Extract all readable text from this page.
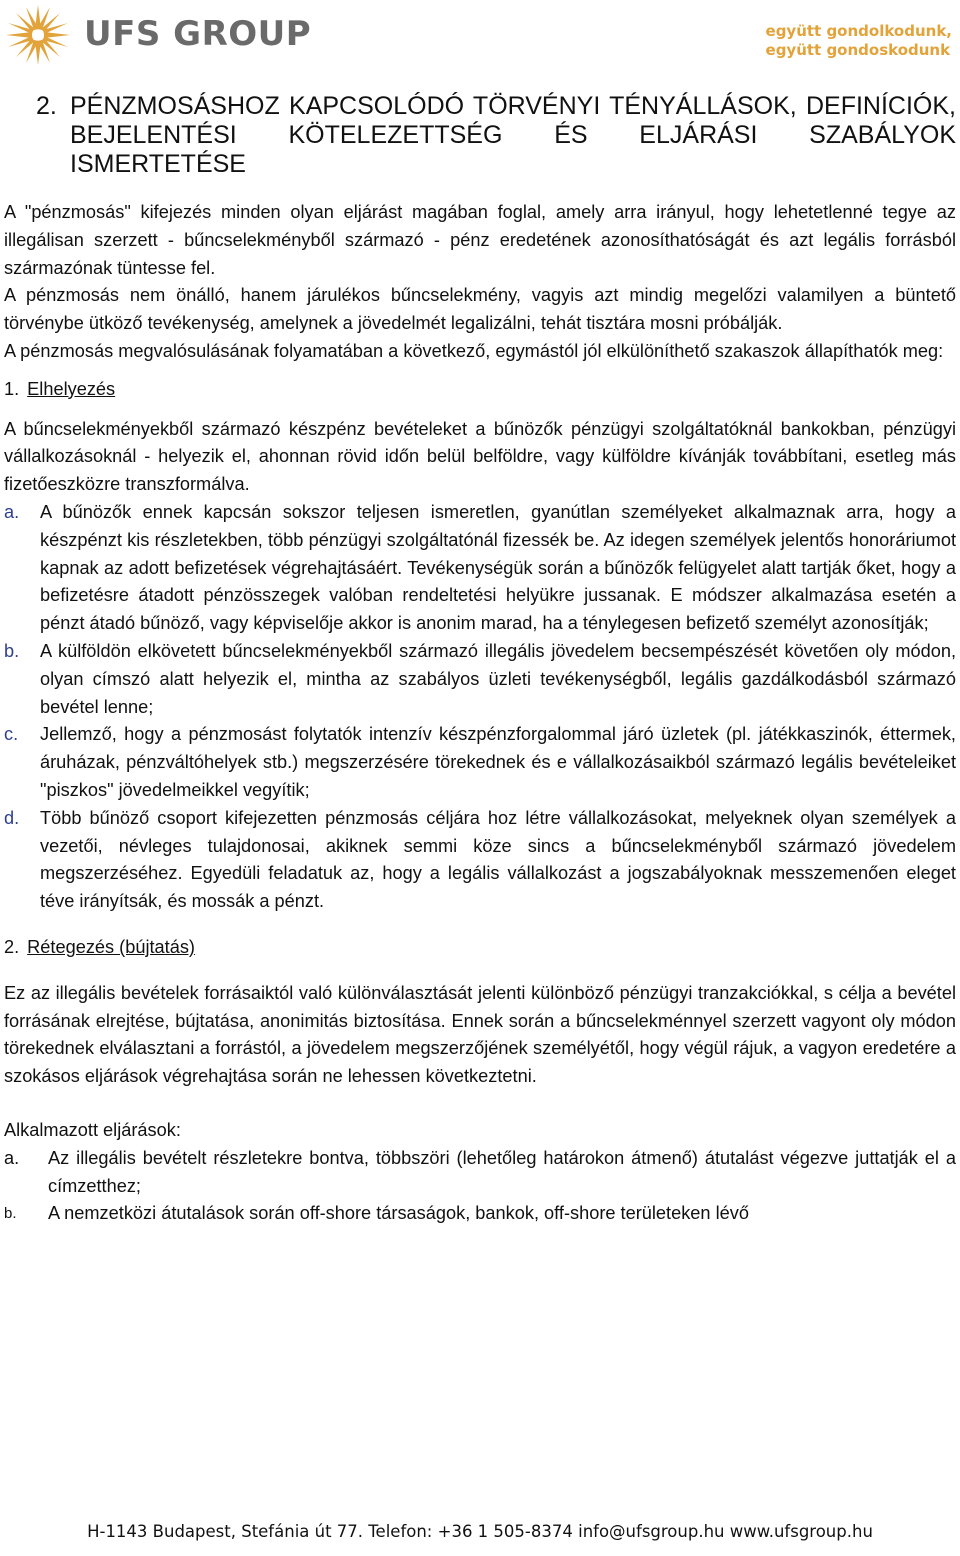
UFS GROUP	együtt gondolkodunk,
együtt gondoskodunk
2. PÉNZMOSÁSHOZ KAPCSOLÓDÓ TÖRVÉNYI TÉNYÁLLÁSOK, DEFINÍCIÓK, BEJELENTÉSI KÖTELEZETTSÉG ÉS ELJÁRÁSI SZABÁLYOK ISMERTETÉSE

A "pénzmosás" kifejezés minden olyan eljárást magában foglal, amely arra irányul, hogy lehetetlenné tegye az illegálisan szerzett - bűncselekményből származó - pénz eredetének azonosíthatóságát és azt legális forrásból származónak tüntesse fel.

A pénzmosás nem önálló, hanem járulékos bűncselekmény, vagyis azt mindig megelőzi valamilyen a büntető törvénybe ütköző tevékenység, amelynek a jövedelmét legalizálni, tehát tisztára mosni próbálják.

A pénzmosás megvalósulásának folyamatában a következő, egymástól jól elkülöníthető szakaszok állapíthatók meg:

1. Elhelyezés

A bűncselekményekből származó készpénz bevételeket a bűnözők pénzügyi szolgáltatóknál bankokban, pénzügyi vállalkozásoknál - helyezik el, ahonnan rövid időn belül belföldre, vagy külföldre kívánják továbbítani, esetleg más fizetőeszközre transzformálva.

a.	A bűnözők ennek kapcsán sokszor teljesen ismeretlen, gyanútlan személyeket alkalmaznak arra, hogy a készpénzt kis részletekben, több pénzügyi szolgáltatónál fizessék be. Az idegen személyek jelentős honoráriumot kapnak az adott befizetések végrehajtásáért. Tevékenységük során a bűnözők felügyelet alatt tartják őket, hogy a befizetésre átadott pénzösszegek valóban rendeltetési helyükre jussanak. E módszer alkalmazása esetén a pénzt átadó bűnöző, vagy képviselője akkor is anonim marad, ha a ténylegesen befizető személyt azonosítják;
b.	A külföldön elkövetett bűncselekményekből származó illegális jövedelem becsempészését követően oly módon, olyan címszó alatt helyezik el, mintha az szabályos üzleti tevékenységből, legális gazdálkodásból származó bevétel lenne;
c.	Jellemző, hogy a pénzmosást folytatók intenzív készpénzforgalommal járó üzletek (pl. játékkaszinók, éttermek, áruházak, pénzváltóhelyek stb.) megszerzésére törekednek és e vállalkozásaikból származó legális bevételeiket "piszkos" jövedelmeikkel vegyítik;
d.	Több bűnöző csoport kifejezetten pénzmosás céljára hoz létre vállalkozásokat, melyeknek olyan személyek a vezetői, névleges tulajdonosai, akiknek semmi köze sincs a bűncselekményből származó jövedelem megszerzéséhez. Egyedüli feladatuk az, hogy a legális vállalkozást a jogszabályoknak messzemenően eleget téve irányítsák, és mossák a pénzt.
2. Rétegezés (bújtatás)

Ez az illegális bevételek forrásaiktól való különválasztását jelenti különböző pénzügyi tranzakciókkal, s célja a bevétel forrásának elrejtése, bújtatása, anonimitás biztosítása. Ennek során a bűncselekménnyel szerzett vagyont oly módon törekednek elválasztani a forrástól, a jövedelem megszerzőjének személyétől, hogy végül rájuk, a vagyon eredetére a szokásos eljárások végrehajtása során ne lehessen következtetni.

Alkalmazott eljárások:

a.	Az illegális bevételt részletekre bontva, többszöri (lehetőleg határokon átmenő) átutalást végezve juttatják el a címzetthez;
b.	A nemzetközi átutalások során off-shore társaságok, bankok, off-shore területeken lévő
H-1143 Budapest, Stefánia út 77. Telefon: +36 1 505-8374 info@ufsgroup.hu www.ufsgroup.hu
